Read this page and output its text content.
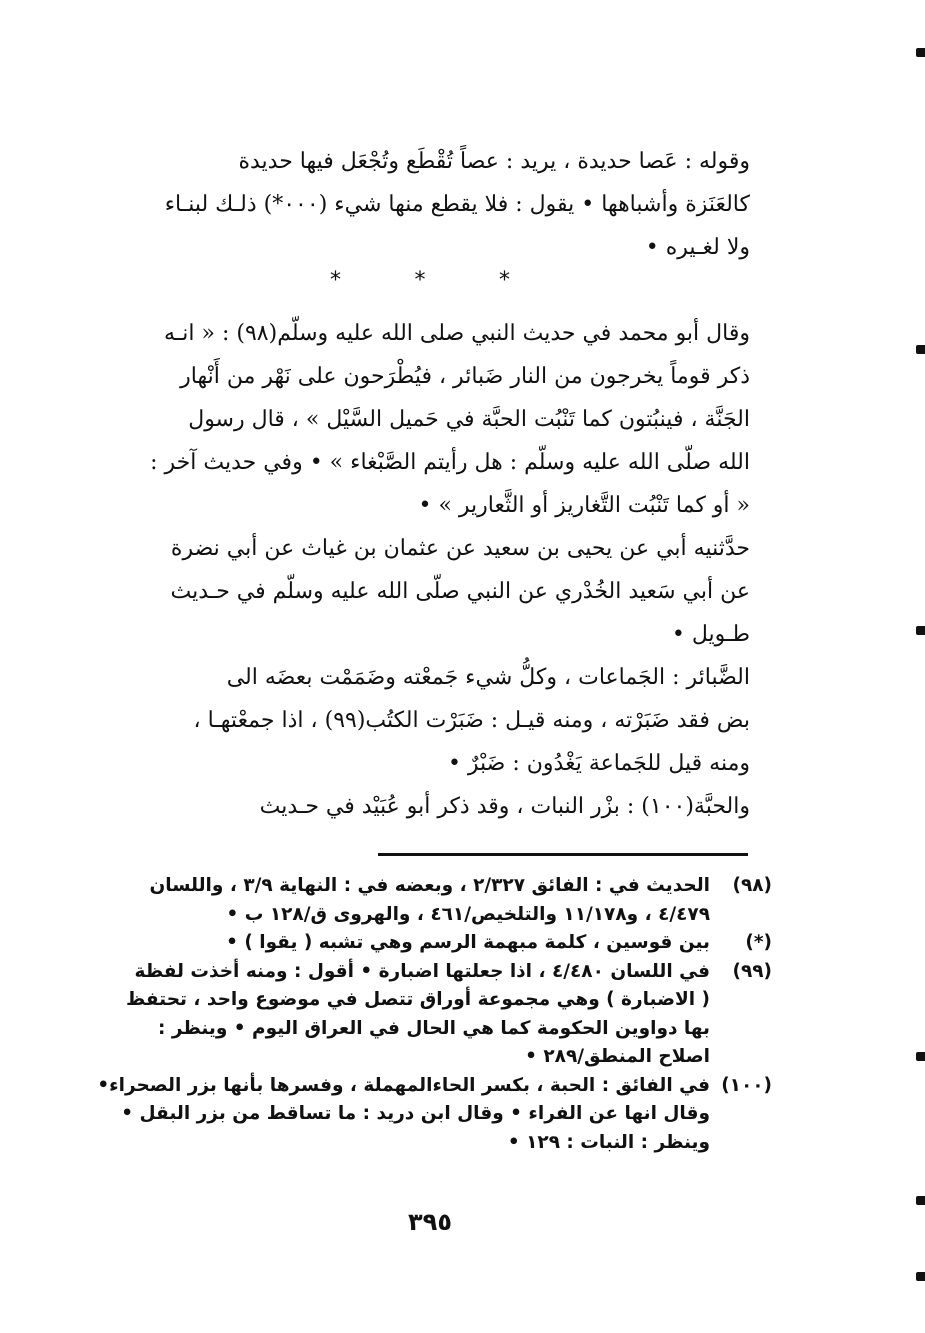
وقوله : عَصا حديدة ، يريد : عصاً تُقْطَع وتُجْعَل فيها حديدة
كالعَنَزة وأشباهها • يقول : فلا يقطع منها شيء (٠٠٠*) ذلـك لبنـاء
ولا لغـيره •
*	*	*
وقال أبو محمد في حديث النبي صلى الله عليه وسلّم(٩٨) : « انـه
ذكر قوماً يخرجون من النار ضَبائر ، فيُطْرَحون على نَهْر من أَنْهار
الجَنَّة ، فينبُتون كما تَنْبُت الحبَّة في حَميل السَّيْل » ، قال رسول
الله صلّى الله عليه وسلّم : هل رأيتم الصَّبْغاء » • وفي حديث آخر :
« أو كما تَنْبُت التَّغاريز أو الثَّعارير » •
حدَّثنيه أبي عن يحيى بن سعيد عن عثمان بن غياث عن أبي نضرة
عن أبي سَعيد الخُدْري عن النبي صلّى الله عليه وسلّم في حـديث
طـويل •
الضَّبائر : الجَماعات ، وكلُّ شيء جَمعْته وضَمَمْت بعضَه الى
بض فقد ضَبَرْته ، ومنه قيـل : ضَبَرْت الكتُب(٩٩) ، اذا جمعْتهـا ،
ومنه قيل للجَماعة يَغْدُون : ضَبْرٌ •
والحبَّة(١٠٠) : بزْر النبات ، وقد ذكر أبو عُبَيْد في حـديث
(٩٨)
الحديث في : الفائق ٢/٣٢٧ ، وبعضه في : النهاية ٣/٩ ، واللسان
٤/٤٧٩ ، و١١/١٧٨ والتلخيص/٤٦١ ، والهروى ق/١٢٨ ب •
(*)
بين قوسين ، كلمة مبهمة الرسم وهي تشبه ( يقوا ) •
(٩٩)
في اللسان ٤/٤٨٠ ، اذا جعلتها اضبارة • أقول : ومنه أخذت لفظة
( الاضبارة ) وهي مجموعة أوراق تتصل في موضوع واحد ، تحتفظ
بها دواوين الحكومة كما هي الحال في العراق اليوم • وينظر :
اصلاح المنطق/٢٨٩ •
(١٠٠)
في الفائق : الحبة ، بكسر الحاءالمهملة ، وفسرها بأنها بزر الصحراء•
وقال انها عن الفراء • وقال ابن دريد : ما تساقط من بزر البقل •
وينظر : النبات : ١٢٩ •
٣٩٥
